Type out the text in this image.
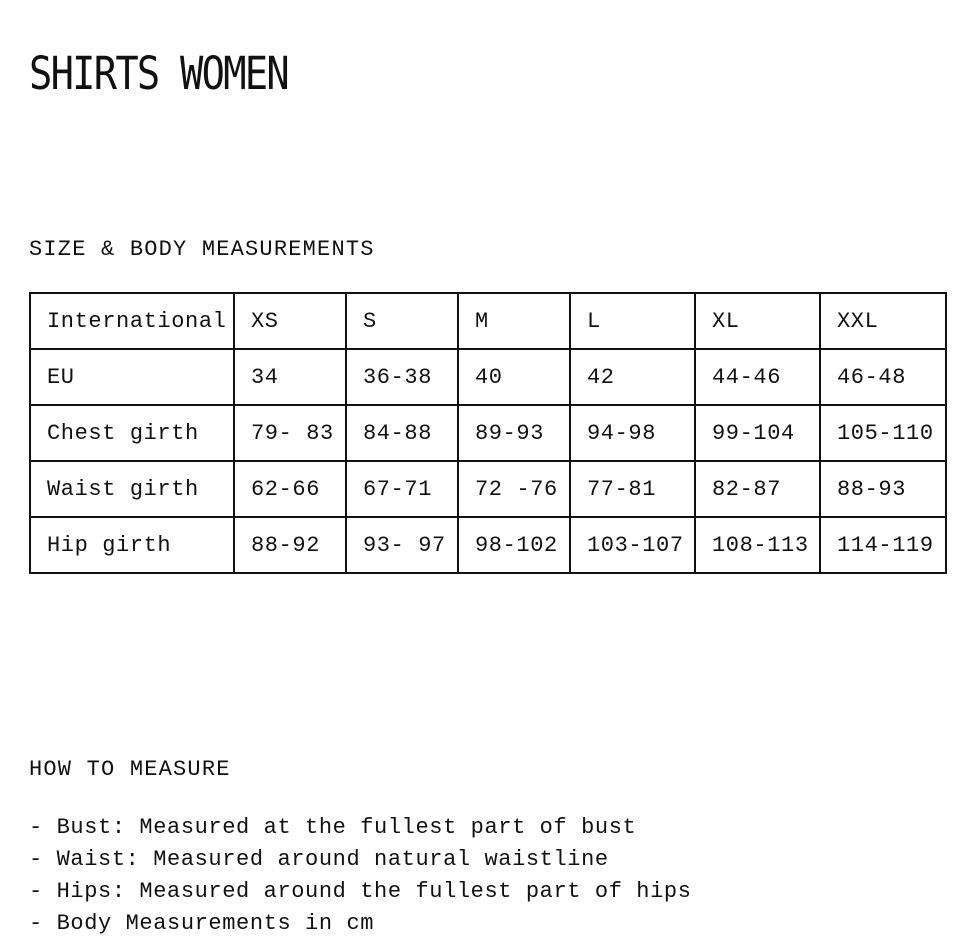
SHIRTS WOMEN
SIZE & BODY MEASUREMENTS
International	XS	S	M	L	XL	XXL
EU	34	36-38	40	42	44-46	46-48
Chest girth	79- 83	84-88	89-93	94-98	99-104	105-110
Waist girth	62-66	67-71	72 -76	77-81	82-87	88-93
Hip girth	88-92	93- 97	98-102	103-107	108-113	114-119
HOW TO MEASURE
- Bust: Measured at the fullest part of bust
- Waist: Measured around natural waistline
- Hips: Measured around the fullest part of hips
- Body Measurements in cm
